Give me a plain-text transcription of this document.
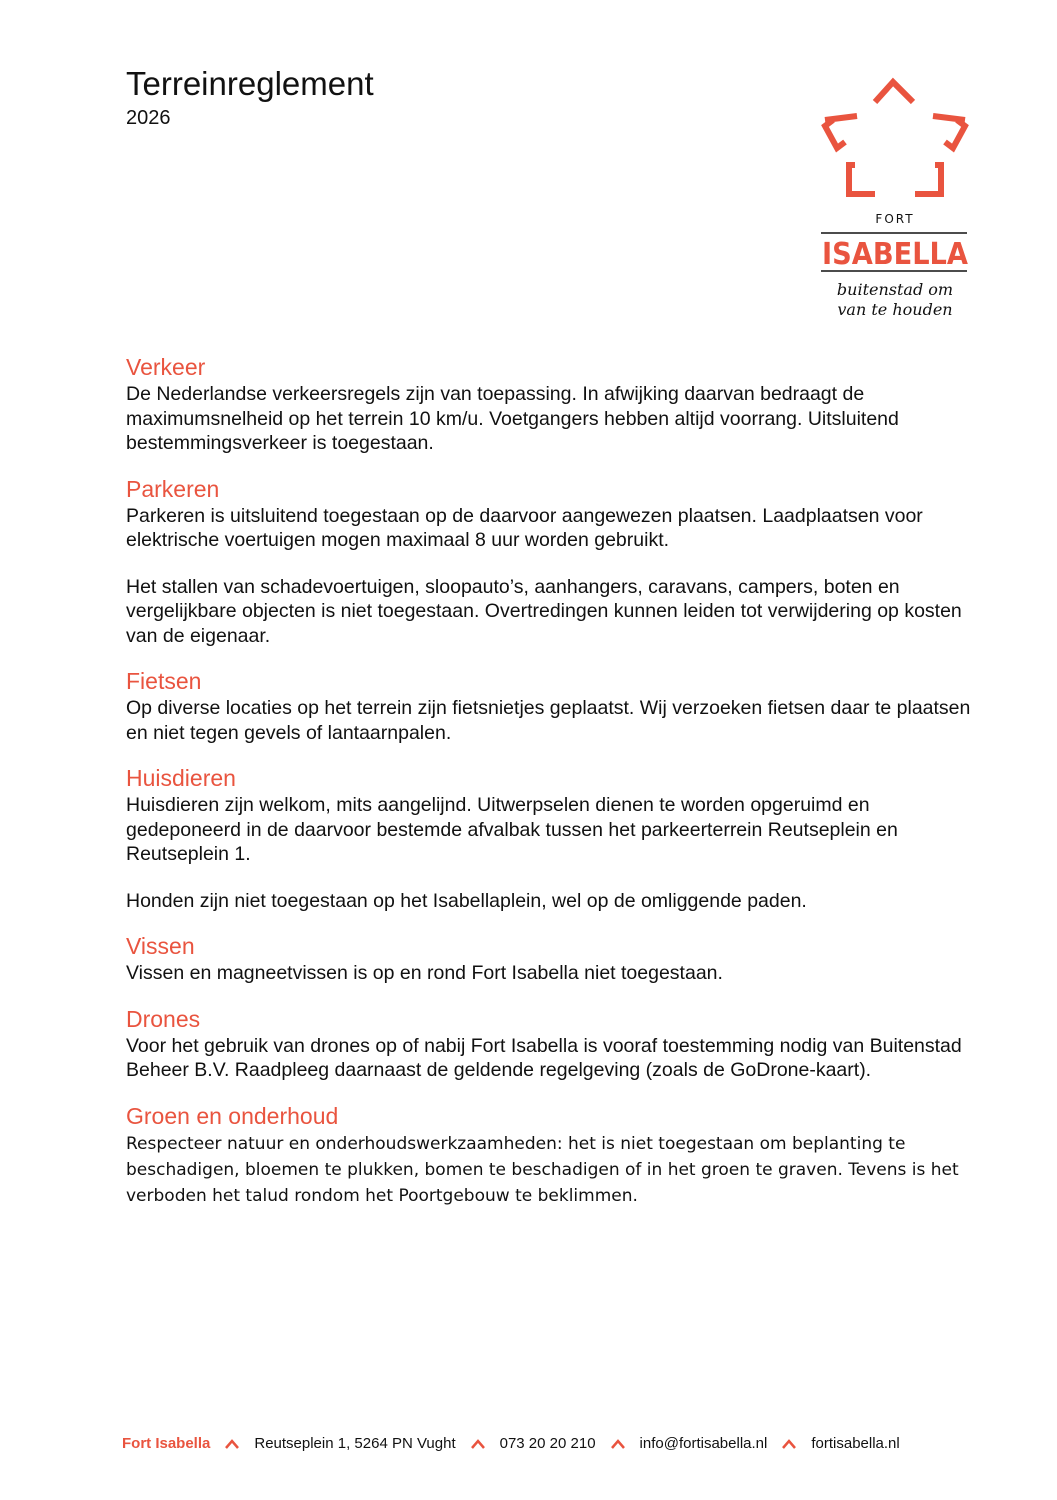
Terreinreglement
2026
FORT
ISABELLA
buitenstad om
van te houden
Verkeer

De Nederlandse verkeersregels zijn van toepassing. In afwijking daarvan bedraagt de maximumsnelheid op het terrein 10 km/u. Voetgangers hebben altijd voorrang. Uitsluitend bestemmingsverkeer is toegestaan.

Parkeren

Parkeren is uitsluitend toegestaan op de daarvoor aangewezen plaatsen. Laadplaatsen voor elektrische voertuigen mogen maximaal 8 uur worden gebruikt.

Het stallen van schadevoertuigen, sloopauto’s, aanhangers, caravans, campers, boten en vergelijkbare objecten is niet toegestaan. Overtredingen kunnen leiden tot verwijdering op kosten van de eigenaar.

Fietsen

Op diverse locaties op het terrein zijn fietsnietjes geplaatst. Wij verzoeken fietsen daar te plaatsen en niet tegen gevels of lantaarnpalen.

Huisdieren

Huisdieren zijn welkom, mits aangelijnd. Uitwerpselen dienen te worden opgeruimd en gedeponeerd in de daarvoor bestemde afvalbak tussen het parkeerterrein Reutseplein en Reutseplein 1.

Honden zijn niet toegestaan op het Isabellaplein, wel op de omliggende paden.

Vissen

Vissen en magneetvissen is op en rond Fort Isabella niet toegestaan.

Drones

Voor het gebruik van drones op of nabij Fort Isabella is vooraf toestemming nodig van Buitenstad Beheer B.V. Raadpleeg daarnaast de geldende regelgeving (zoals de GoDrone-kaart).

Groen en onderhoud

Respecteer natuur en onderhoudswerkzaamheden: het is niet toegestaan om beplanting te beschadigen, bloemen te plukken, bomen te beschadigen of in het groen te graven. Tevens is het verboden het talud rondom het Poortgebouw te beklimmen.

Fort Isabella	Reutseplein 1, 5264 PN Vught	073 20 20 210	info@fortisabella.nl	fortisabella.nl
